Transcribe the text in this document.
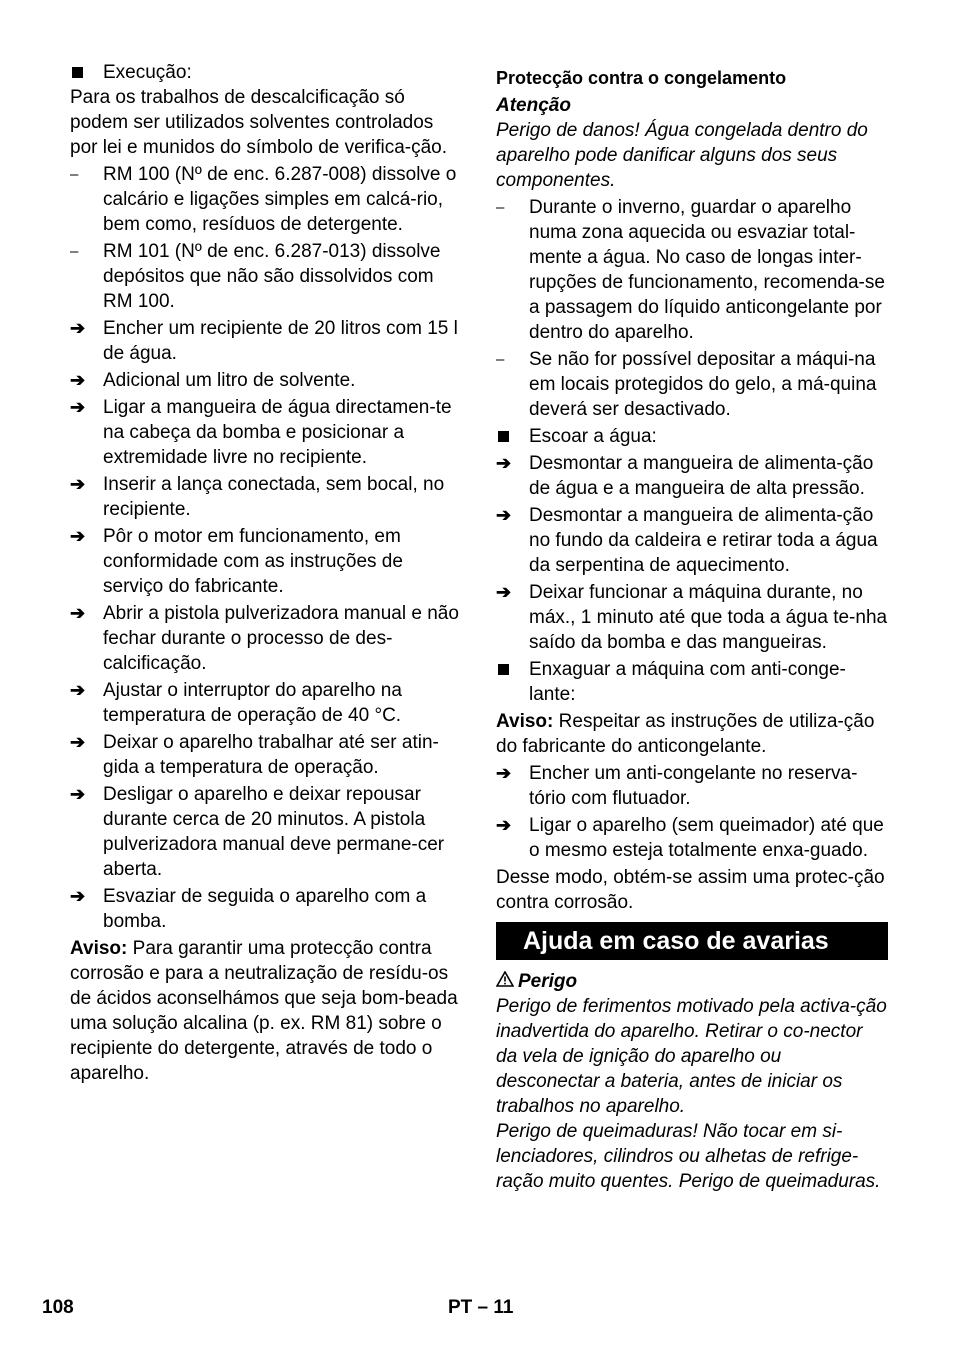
Execução:

Para os trabalhos de descalcificação só podem ser utilizados solventes controlados por lei e munidos do símbolo de verifica-ção.

–	RM 100 (Nº de enc. 6.287-008) dissolve o calcário e ligações simples em calcá-rio, bem como, resíduos de detergente.
–	RM 101 (Nº de enc. 6.287-013) dissolve depósitos que não são dissolvidos com RM 100.
➔ Encher um recipiente de 20 litros com 15 l de água.
➔ Adicional um litro de solvente.
➔ Ligar a mangueira de água directamen-te na cabeça da bomba e posicionar a extremidade livre no recipiente.
➔ Inserir a lança conectada, sem bocal, no recipiente.
➔ Pôr o motor em funcionamento, em conformidade com as instruções de serviço do fabricante.
➔ Abrir a pistola pulverizadora manual e não fechar durante o processo de des-calcificação.
➔ Ajustar o interruptor do aparelho na temperatura de operação de 40 °C.
➔ Deixar o aparelho trabalhar até ser atin-gida a temperatura de operação.
➔ Desligar o aparelho e deixar repousar durante cerca de 20 minutos. A pistola pulverizadora manual deve permane-cer aberta.
➔ Esvaziar de seguida o aparelho com a bomba.

Aviso: Para garantir uma protecção contra corrosão e para a neutralização de resídu-os de ácidos aconselhámos que seja bom-beada uma solução alcalina (p. ex. RM 81) sobre o recipiente do detergente, através de todo o aparelho.

Protecção contra o congelamento
Atenção

Perigo de danos! Água congelada dentro do aparelho pode danificar alguns dos seus componentes.

–	Durante o inverno, guardar o aparelho numa zona aquecida ou esvaziar total-mente a água. No caso de longas inter-rupções de funcionamento, recomenda-se a passagem do líquido anticongelante por dentro do aparelho.
–	Se não for possível depositar a máqui-na em locais protegidos do gelo, a má-quina deverá ser desactivado.
Escoar a água:
➔ Desmontar a mangueira de alimenta-ção de água e a mangueira de alta pressão.
➔ Desmontar a mangueira de alimenta-ção no fundo da caldeira e retirar toda a água da serpentina de aquecimento.
➔ Deixar funcionar a máquina durante, no máx., 1 minuto até que toda a água te-nha saído da bomba e das mangueiras.
Enxaguar a máquina com anti-conge-lante:

Aviso: Respeitar as instruções de utiliza-ção do fabricante do anticongelante.

➔ Encher um anti-congelante no reserva-tório com flutuador.
➔ Ligar o aparelho (sem queimador) até que o mesmo esteja totalmente enxa-guado.

Desse modo, obtém-se assim uma protec-ção contra corrosão.

Ajuda em caso de avarias
Perigo

Perigo de ferimentos motivado pela activa-ção inadvertida do aparelho. Retirar o co-nector da vela de ignição do aparelho ou desconectar a bateria, antes de iniciar os trabalhos no aparelho.

Perigo de queimaduras! Não tocar em si-lenciadores, cilindros ou alhetas de refrige-ração muito quentes. Perigo de queimaduras.

108	PT – 11
